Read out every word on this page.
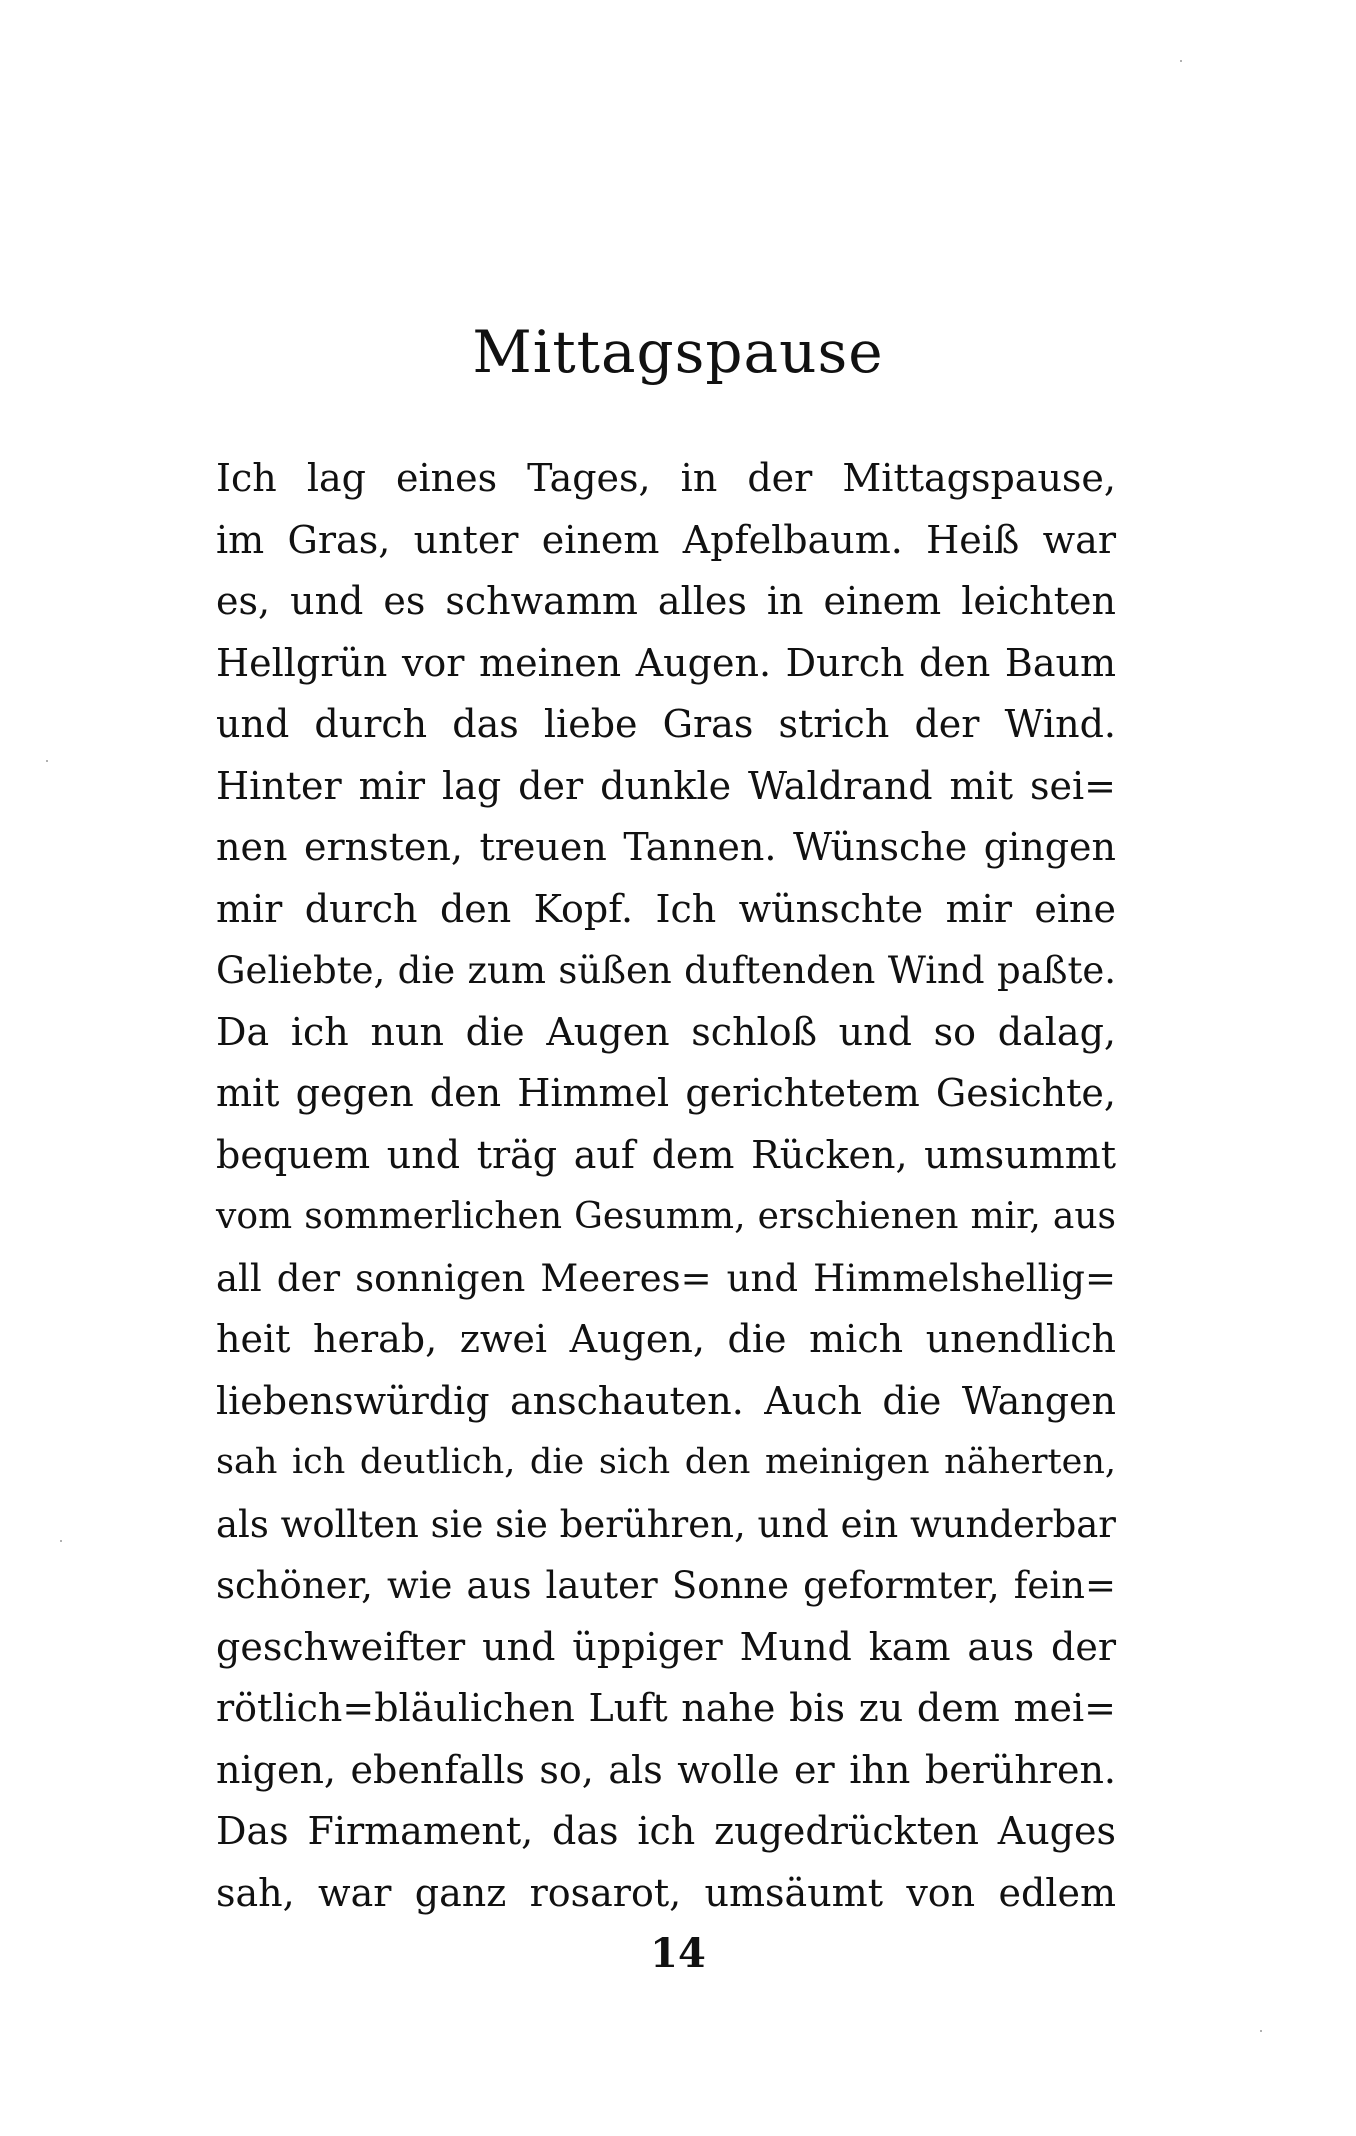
Mittagspause
Ich lag eines Tages, in der Mittagspause,
im Gras, unter einem Apfelbaum. Heiß war
es, und es schwamm alles in einem leichten
Hellgrün vor meinen Augen. Durch den Baum
und durch das liebe Gras strich der Wind.
Hinter mir lag der dunkle Waldrand mit sei=
nen ernsten, treuen Tannen. Wünsche gingen
mir durch den Kopf. Ich wünschte mir eine
Geliebte, die zum süßen duftenden Wind paßte.
Da ich nun die Augen schloß und so dalag,
mit gegen den Himmel gerichtetem Gesichte,
bequem und träg auf dem Rücken, umsummt
vom sommerlichen Gesumm, erschienen mir, aus
all der sonnigen Meeres= und Himmelshellig=
heit herab, zwei Augen, die mich unendlich
liebenswürdig anschauten. Auch die Wangen
sah ich deutlich, die sich den meinigen näherten,
als wollten sie sie berühren, und ein wunderbar
schöner, wie aus lauter Sonne geformter, fein=
geschweifter und üppiger Mund kam aus der
rötlich=bläulichen Luft nahe bis zu dem mei=
nigen, ebenfalls so, als wolle er ihn berühren.
Das Firmament, das ich zugedrückten Auges
sah, war ganz rosarot, umsäumt von edlem
14
